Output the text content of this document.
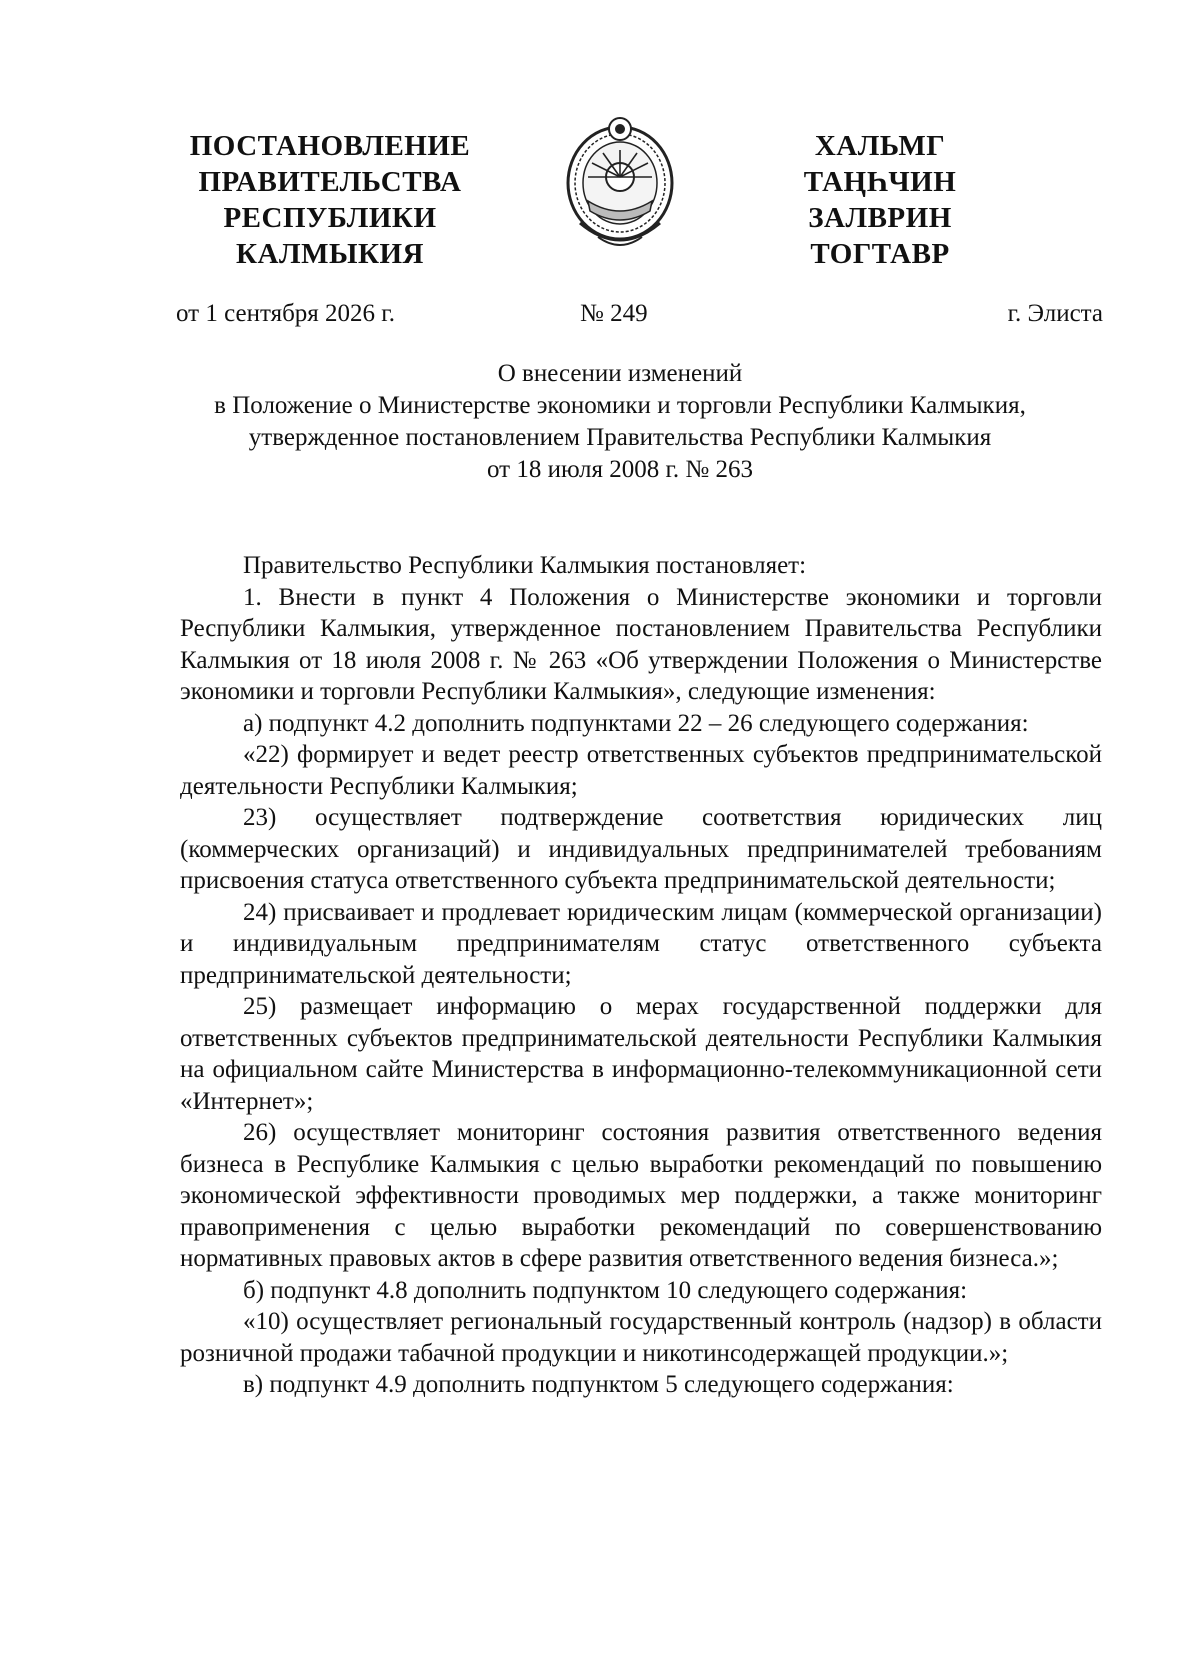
ПОСТАНОВЛЕНИЕ
ПРАВИТЕЛЬСТВА
РЕСПУБЛИКИ
КАЛМЫКИЯ
ХАЛЬМГ
ТАҢҺЧИН
ЗАЛВРИН
ТОГТАВР
от 1 сентября 2026 г.	№ 249	г. Элиста
О внесении изменений
в Положение о Министерстве экономики и торговли Республики Калмыкия,
утвержденное постановлением Правительства Республики Калмыкия
от 18 июля 2008 г. № 263

Правительство Республики Калмыкия постановляет:

1. Внести в пункт 4 Положения о Министерстве экономики и торговли Республики Калмыкия, утвержденное постановлением Правительства Республики Калмыкия от 18 июля 2008 г. № 263 «Об утверждении Положения о Министерстве экономики и торговли Республики Калмыкия», следующие изменения:

а) подпункт 4.2 дополнить подпунктами 22 – 26 следующего содержания:

«22) формирует и ведет реестр ответственных субъектов предпринимательской деятельности Республики Калмыкия;

23) осуществляет подтверждение соответствия юридических лиц (коммерческих организаций) и индивидуальных предпринимателей требованиям присвоения статуса ответственного субъекта предпринимательской деятельности;

24) присваивает и продлевает юридическим лицам (коммерческой организации) и индивидуальным предпринимателям статус ответственного субъекта предпринимательской деятельности;

25) размещает информацию о мерах государственной поддержки для ответственных субъектов предпринимательской деятельности Республики Калмыкия на официальном сайте Министерства в информационно-телекоммуникационной сети «Интернет»;

26) осуществляет мониторинг состояния развития ответственного ведения бизнеса в Республике Калмыкия с целью выработки рекомендаций по повышению экономической эффективности проводимых мер поддержки, а также мониторинг правоприменения с целью выработки рекомендаций по совершенствованию нормативных правовых актов в сфере развития ответственного ведения бизнеса.»;

б) подпункт 4.8 дополнить подпунктом 10 следующего содержания:

«10) осуществляет региональный государственный контроль (надзор) в области розничной продажи табачной продукции и никотинсодержащей продукции.»;

в) подпункт 4.9 дополнить подпунктом 5 следующего содержания:
